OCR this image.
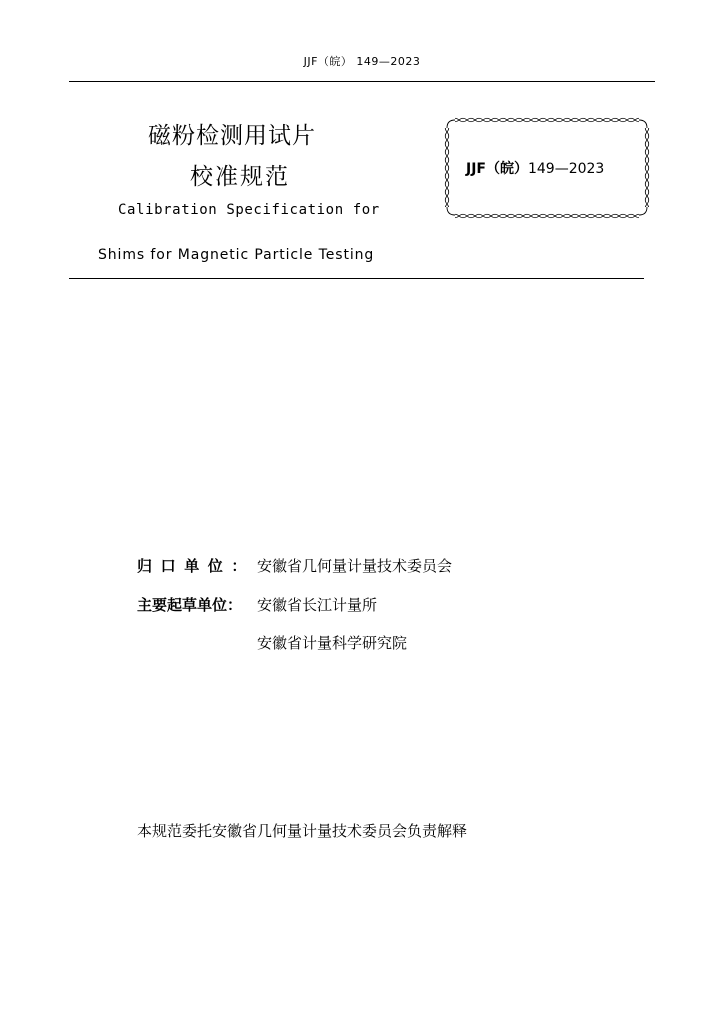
JJF（皖） 149—2023
磁粉检测用试片
校准规范
Calibration Specification for
Shims for Magnetic Particle Testing
JJF（皖）149—2023
归口单位： 安徽省几何量计量技术委员会
主要起草单位： 安徽省长江计量所
安徽省计量科学研究院
本规范委托安徽省几何量计量技术委员会负责解释
